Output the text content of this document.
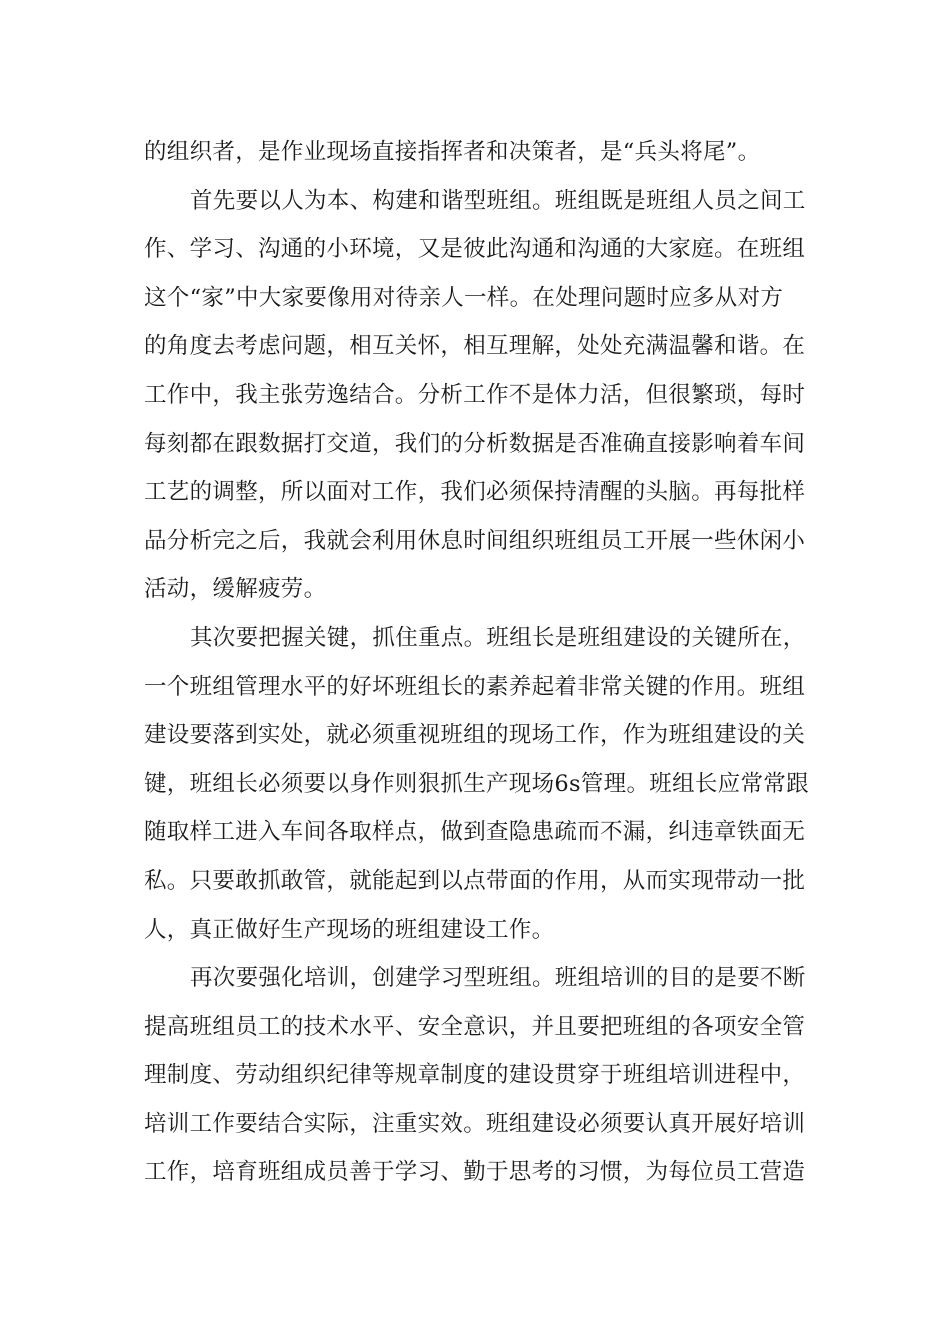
的组织者，是作业现场直接指挥者和决策者，是“兵头将尾”。
首先要以人为本、构建和谐型班组。班组既是班组人员之间工
作、学习、沟通的小环境，又是彼此沟通和沟通的大家庭。在班组
这个“家”中大家要像用对待亲人一样。在处理问题时应多从对方
的角度去考虑问题，相互关怀，相互理解，处处充满温馨和谐。在
工作中，我主张劳逸结合。分析工作不是体力活，但很繁琐，每时
每刻都在跟数据打交道，我们的分析数据是否准确直接影响着车间
工艺的调整，所以面对工作，我们必须保持清醒的头脑。再每批样
品分析完之后，我就会利用休息时间组织班组员工开展一些休闲小
活动，缓解疲劳。
其次要把握关键，抓住重点。班组长是班组建设的关键所在，
一个班组管理水平的好坏班组长的素养起着非常关键的作用。班组
建设要落到实处，就必须重视班组的现场工作，作为班组建设的关
键，班组长必须要以身作则狠抓生产现场6s管理。班组长应常常跟
随取样工进入车间各取样点，做到查隐患疏而不漏，纠违章铁面无
私。只要敢抓敢管，就能起到以点带面的作用，从而实现带动一批
人，真正做好生产现场的班组建设工作。
再次要强化培训，创建学习型班组。班组培训的目的是要不断
提高班组员工的技术水平、安全意识，并且要把班组的各项安全管
理制度、劳动组织纪律等规章制度的建设贯穿于班组培训进程中，
培训工作要结合实际，注重实效。班组建设必须要认真开展好培训
工作，培育班组成员善于学习、勤于思考的习惯，为每位员工营造
